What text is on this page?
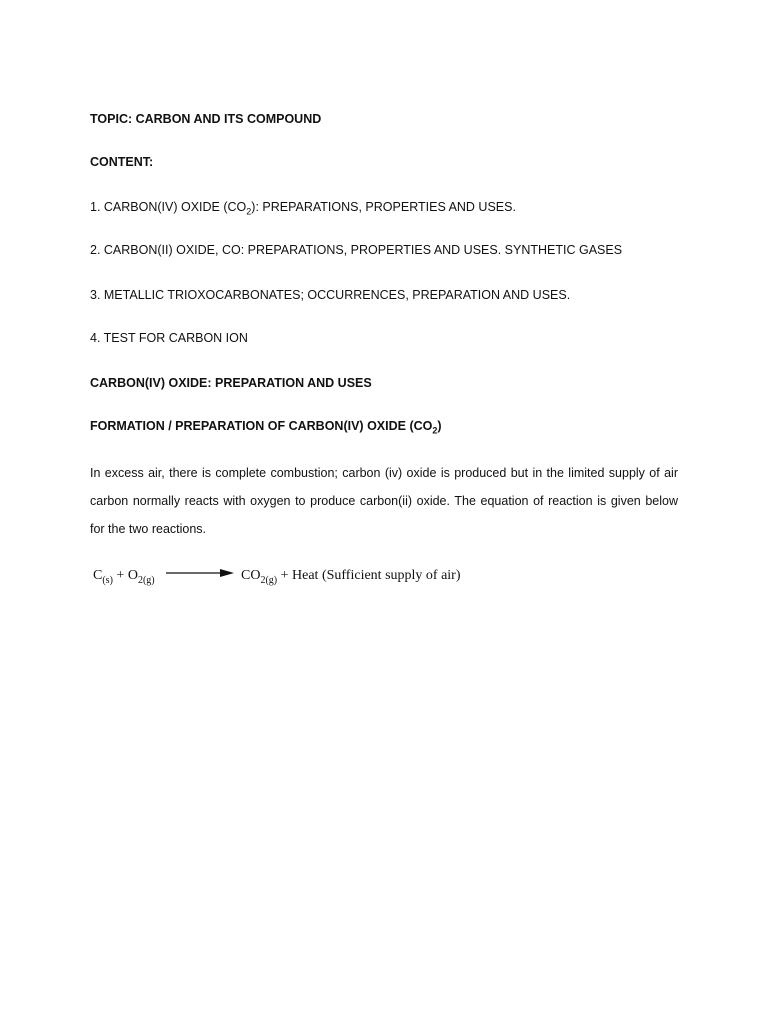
TOPIC: CARBON AND ITS COMPOUND
CONTENT:
1. CARBON(IV) OXIDE $(CO_2)$: PREPARATIONS, PROPERTIES AND USES.
2. CARBON(II) OXIDE, CO: PREPARATIONS, PROPERTIES AND USES. SYNTHETIC GASES
3. METALLIC TRIOXOCARBONATES; OCCURRENCES, PREPARATION AND USES.
4. TEST FOR CARBON ION
CARBON(IV) OXIDE: PREPARATION AND USES
FORMATION / PREPARATION OF CARBON(IV) OXIDE $(CO_2)$
In excess air, there is complete combustion; carbon (iv) oxide is produced but in the limited supply of air carbon normally reacts with oxygen to produce carbon(ii) oxide. The equation of reaction is given below for the two reactions.
$C_{(s)} + O_{2(g)}$	$CO_{2(g)}$ + Heat (Sufficient supply of air)
